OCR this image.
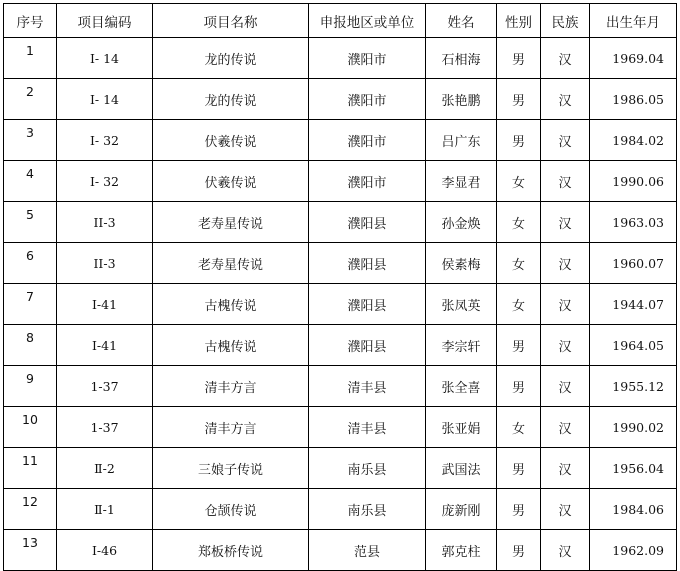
序号	项目编码	项目名称	申报地区或单位	姓名	性别	民族	出生年月
1	I- 14	龙的传说	濮阳市	石相海	男	汉	1969.04
2	I- 14	龙的传说	濮阳市	张艳鹏	男	汉	1986.05
3	I- 32	伏羲传说	濮阳市	吕广东	男	汉	1984.02
4	I- 32	伏羲传说	濮阳市	李显君	女	汉	1990.06
5	II-3	老寿星传说	濮阳县	孙金焕	女	汉	1963.03
6	II-3	老寿星传说	濮阳县	侯素梅	女	汉	1960.07
7	I-41	古槐传说	濮阳县	张凤英	女	汉	1944.07
8	I-41	古槐传说	濮阳县	李宗轩	男	汉	1964.05
9	1-37	清丰方言	清丰县	张全喜	男	汉	1955.12
10	1-37	清丰方言	清丰县	张亚娟	女	汉	1990.02
11	Ⅱ-2	三娘子传说	南乐县	武国法	男	汉	1956.04
12	Ⅱ-1	仓颉传说	南乐县	庞新刚	男	汉	1984.06
13	I-46	郑板桥传说	范县	郭克柱	男	汉	1962.09
